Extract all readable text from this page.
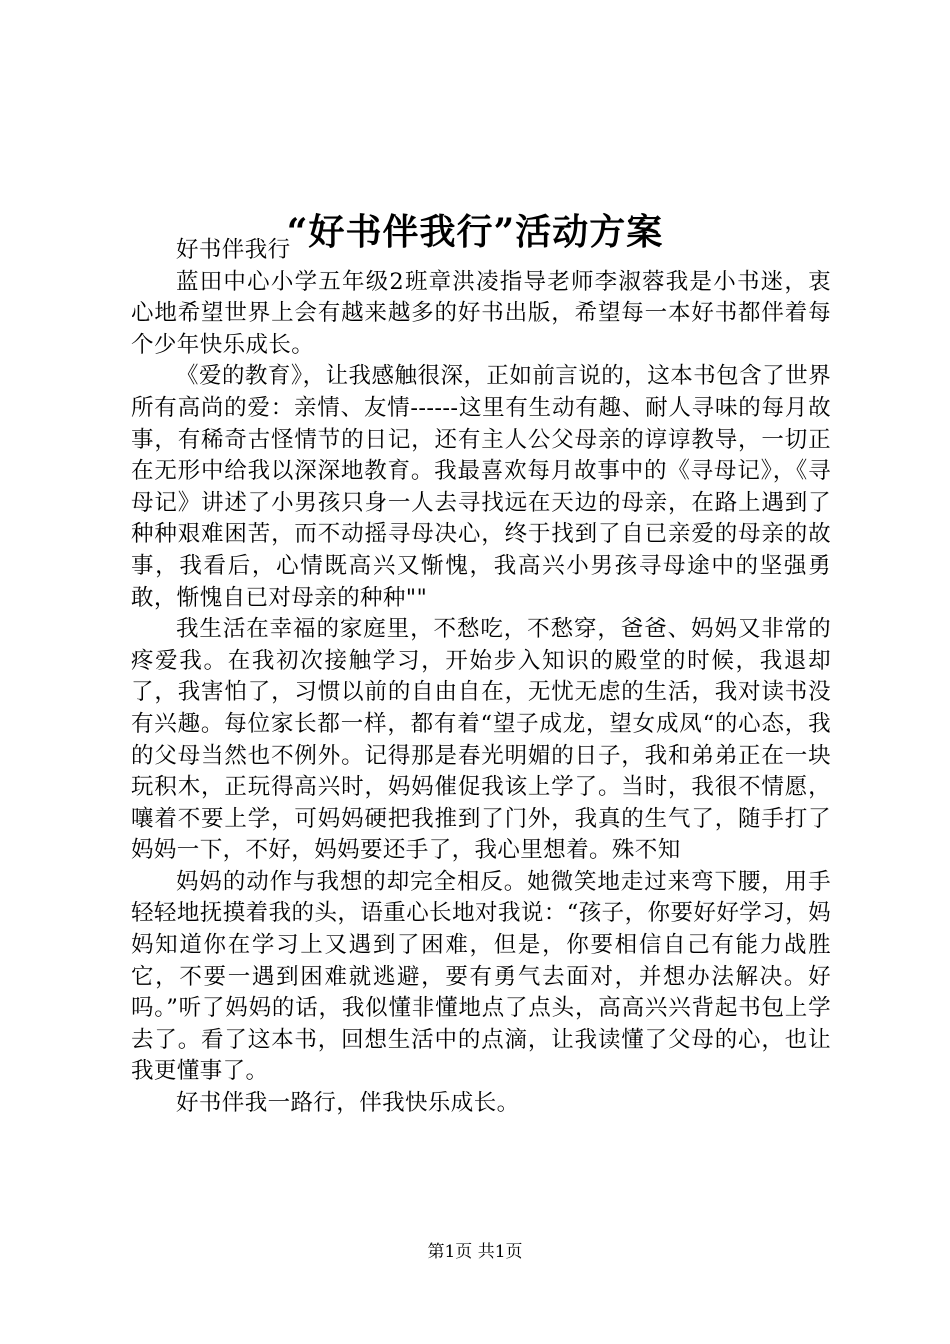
“好书伴我行”活动方案

好书伴我行

蓝田中心小学五年级2班章洪凌指导老师李淑蓉我是小书迷，衷心地希望世界上会有越来越多的好书出版，希望每一本好书都伴着每个少年快乐成长。

《爱的教育》，让我感触很深，正如前言说的，这本书包含了世界所有高尚的爱：亲情、友情------这里有生动有趣、耐人寻味的每月故事，有稀奇古怪情节的日记，还有主人公父母亲的谆谆教导，一切正在无形中给我以深深地教育。我最喜欢每月故事中的《寻母记》，《寻母记》讲述了小男孩只身一人去寻找远在天边的母亲，在路上遇到了种种艰难困苦，而不动摇寻母决心，终于找到了自已亲爱的母亲的故事，我看后，心情既高兴又惭愧，我高兴小男孩寻母途中的坚强勇敢，惭愧自已对母亲的种种""

我生活在幸福的家庭里，不愁吃，不愁穿，爸爸、妈妈又非常的疼爱我。在我初次接触学习，开始步入知识的殿堂的时候，我退却了，我害怕了，习惯以前的自由自在，无忧无虑的生活，我对读书没有兴趣。每位家长都一样，都有着“望子成龙，望女成凤“的心态，我的父母当然也不例外。记得那是春光明媚的日子，我和弟弟正在一块玩积木，正玩得高兴时，妈妈催促我该上学了。当时，我很不情愿，嚷着不要上学，可妈妈硬把我推到了门外，我真的生气了，随手打了妈妈一下，不好，妈妈要还手了，我心里想着。殊不知

妈妈的动作与我想的却完全相反。她微笑地走过来弯下腰，用手轻轻地抚摸着我的头，语重心长地对我说：“孩子，你要好好学习，妈妈知道你在学习上又遇到了困难，但是，你要相信自己有能力战胜它，不要一遇到困难就逃避，要有勇气去面对，并想办法解决。好吗。”听了妈妈的话，我似懂非懂地点了点头，高高兴兴背起书包上学去了。看了这本书，回想生活中的点滴，让我读懂了父母的心，也让我更懂事了。

好书伴我一路行，伴我快乐成长。

第1页 共1页
